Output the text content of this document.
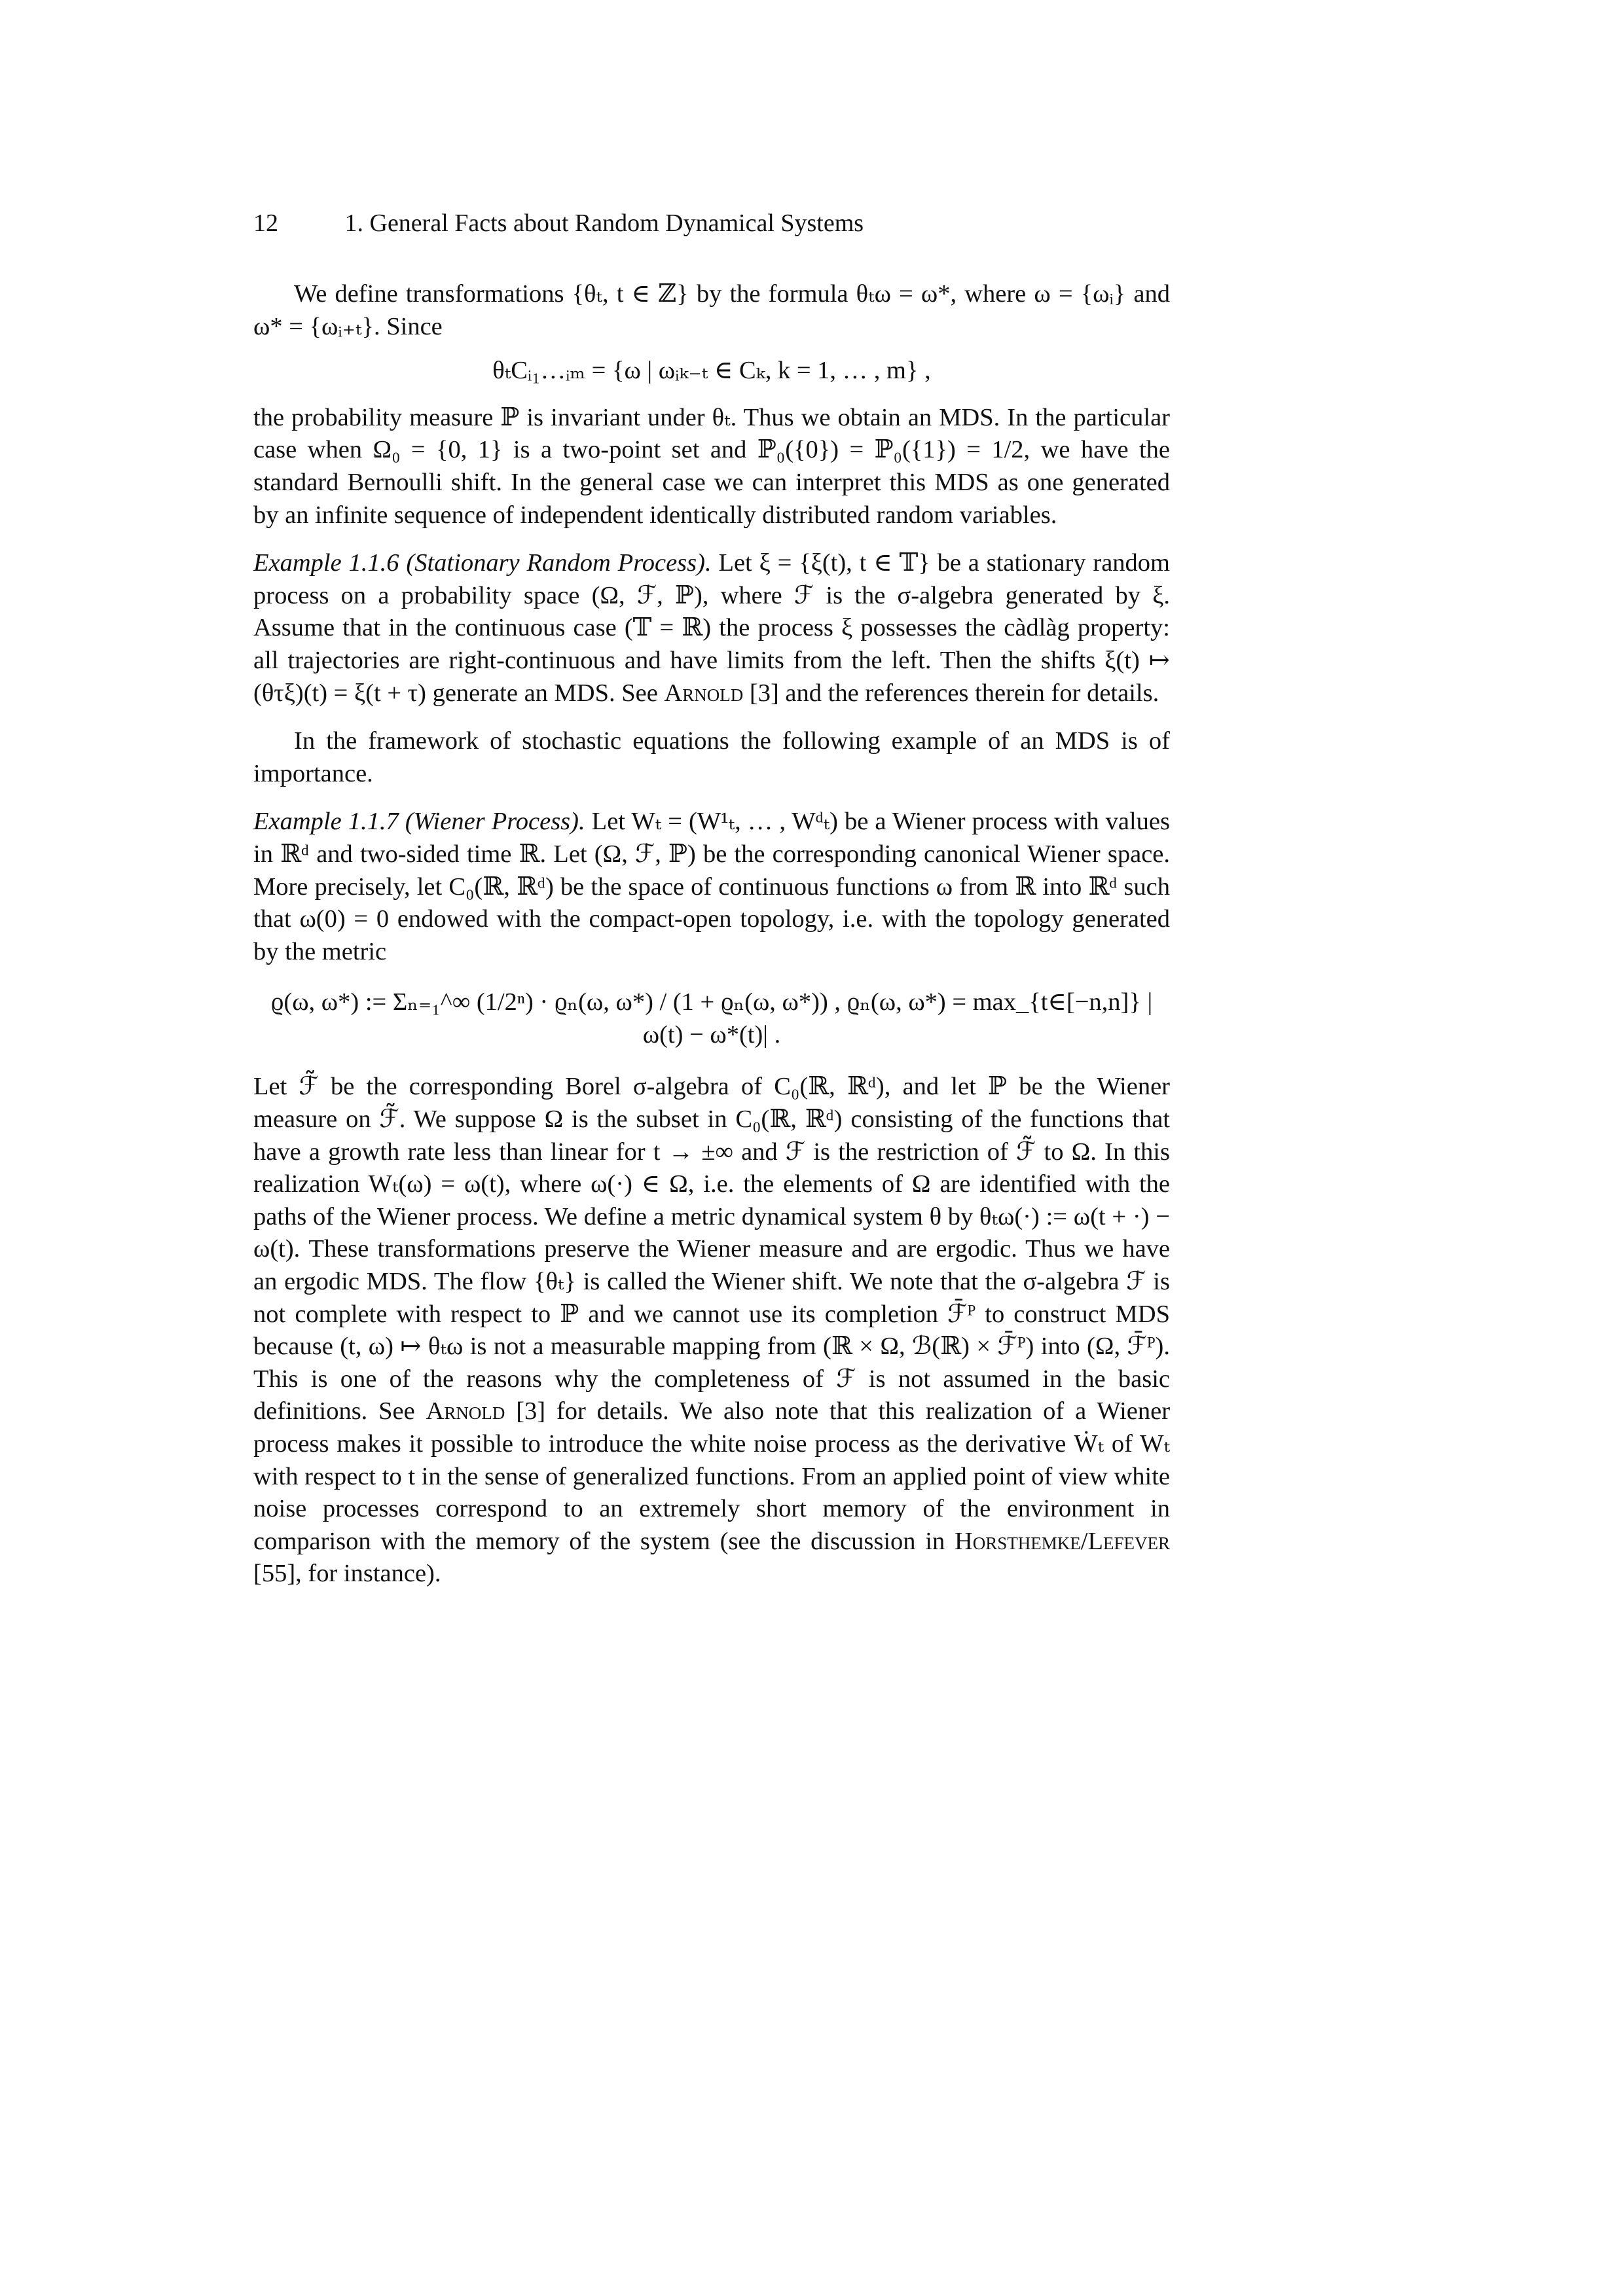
12	1. General Facts about Random Dynamical Systems

We define transformations {θₜ, t ∈ ℤ} by the formula θₜω = ω*, where ω = {ωᵢ} and ω* = {ωᵢ₊ₜ}. Since

θₜCᵢ₁…ᵢₘ = {ω | ωᵢₖ₋ₜ ∈ Cₖ, k = 1, … , m} ,

the probability measure ℙ is invariant under θₜ. Thus we obtain an MDS. In the particular case when Ω₀ = {0, 1} is a two-point set and ℙ₀({0}) = ℙ₀({1}) = 1/2, we have the standard Bernoulli shift. In the general case we can interpret this MDS as one generated by an infinite sequence of independent identically distributed random variables.

Example 1.1.6 (Stationary Random Process). Let ξ = {ξ(t), t ∈ 𝕋} be a stationary random process on a probability space (Ω, ℱ, ℙ), where ℱ is the σ-algebra generated by ξ. Assume that in the continuous case (𝕋 = ℝ) the process ξ possesses the càdlàg property: all trajectories are right-continuous and have limits from the left. Then the shifts ξ(t) ↦ (θτξ)(t) = ξ(t + τ) generate an MDS. See Arnold [3] and the references therein for details.

In the framework of stochastic equations the following example of an MDS is of importance.

Example 1.1.7 (Wiener Process). Let Wₜ = (W¹ₜ, … , Wᵈₜ) be a Wiener process with values in ℝᵈ and two-sided time ℝ. Let (Ω, ℱ, ℙ) be the corresponding canonical Wiener space. More precisely, let C₀(ℝ, ℝᵈ) be the space of continuous functions ω from ℝ into ℝᵈ such that ω(0) = 0 endowed with the compact-open topology, i.e. with the topology generated by the metric

ϱ(ω, ω*) := Σₙ₌₁^∞ (1/2ⁿ) · ϱₙ(ω, ω*) / (1 + ϱₙ(ω, ω*)) , ϱₙ(ω, ω*) = max_{t∈[−n,n]} |ω(t) − ω*(t)| .

Let ℱ̃ be the corresponding Borel σ-algebra of C₀(ℝ, ℝᵈ), and let ℙ be the Wiener measure on ℱ̃. We suppose Ω is the subset in C₀(ℝ, ℝᵈ) consisting of the functions that have a growth rate less than linear for t → ±∞ and ℱ is the restriction of ℱ̃ to Ω. In this realization Wₜ(ω) = ω(t), where ω(·) ∈ Ω, i.e. the elements of Ω are identified with the paths of the Wiener process. We define a metric dynamical system θ by θₜω(·) := ω(t + ·) − ω(t). These transformations preserve the Wiener measure and are ergodic. Thus we have an ergodic MDS. The flow {θₜ} is called the Wiener shift. We note that the σ-algebra ℱ is not complete with respect to ℙ and we cannot use its completion ℱ̄ᴾ to construct MDS because (t, ω) ↦ θₜω is not a measurable mapping from (ℝ × Ω, ℬ(ℝ) × ℱ̄ᴾ) into (Ω, ℱ̄ᴾ). This is one of the reasons why the completeness of ℱ is not assumed in the basic definitions. See Arnold [3] for details. We also note that this realization of a Wiener process makes it possible to introduce the white noise process as the derivative Ẇₜ of Wₜ with respect to t in the sense of generalized functions. From an applied point of view white noise processes correspond to an extremely short memory of the environment in comparison with the memory of the system (see the discussion in Horsthemke/Lefever [55], for instance).
